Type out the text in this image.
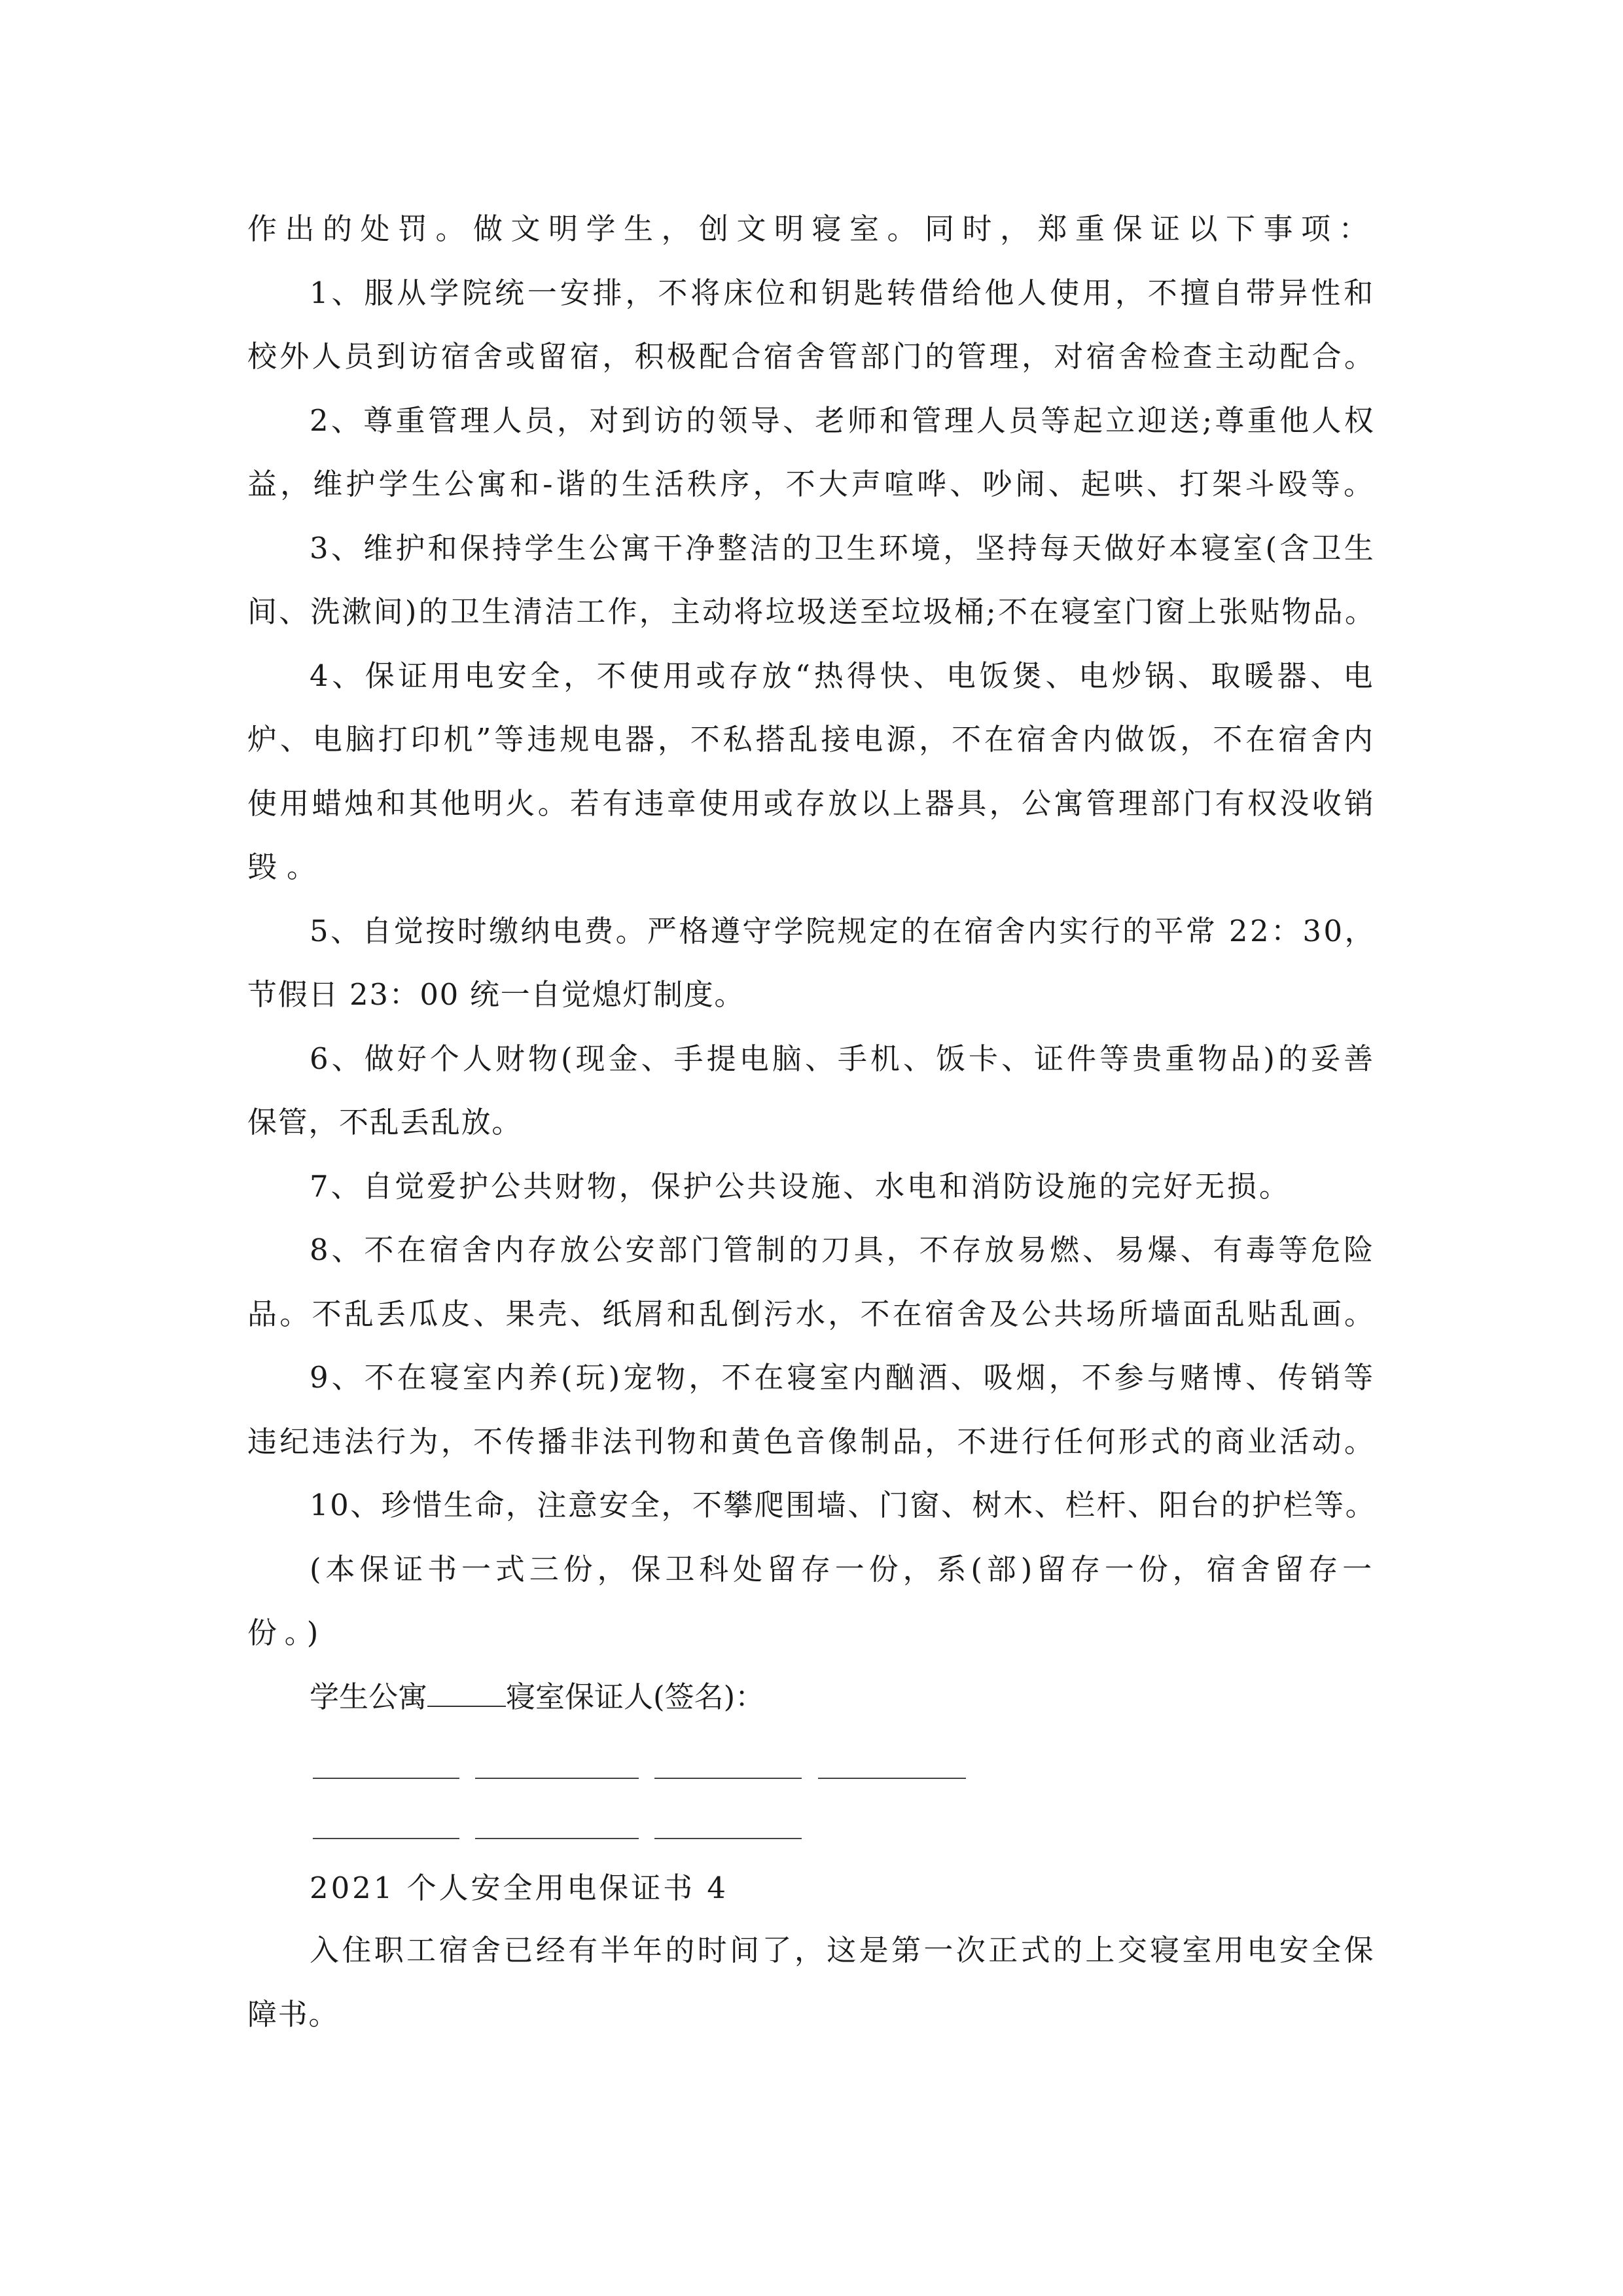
作出的处罚。做文明学生，创文明寝室。同时，郑重保证以下事项：
1、服从学院统一安排，不将床位和钥匙转借给他人使用，不擅自带异性和
校外人员到访宿舍或留宿，积极配合宿舍管部门的管理，对宿舍检查主动配合。
2、尊重管理人员，对到访的领导、老师和管理人员等起立迎送;尊重他人权
益，维护学生公寓和-谐的生活秩序，不大声喧哗、吵闹、起哄、打架斗殴等。
3、维护和保持学生公寓干净整洁的卫生环境，坚持每天做好本寝室(含卫生
间、洗漱间)的卫生清洁工作，主动将垃圾送至垃圾桶;不在寝室门窗上张贴物品。
4、保证用电安全，不使用或存放“热得快、电饭煲、电炒锅、取暖器、电
炉、电脑打印机”等违规电器，不私搭乱接电源，不在宿舍内做饭，不在宿舍内
使用蜡烛和其他明火。若有违章使用或存放以上器具，公寓管理部门有权没收销
毁。
5、自觉按时缴纳电费。严格遵守学院规定的在宿舍内实行的平常 22：30，
节假日 23：00 统一自觉熄灯制度。
6、做好个人财物(现金、手提电脑、手机、饭卡、证件等贵重物品)的妥善
保管，不乱丢乱放。
7、自觉爱护公共财物，保护公共设施、水电和消防设施的完好无损。
8、不在宿舍内存放公安部门管制的刀具，不存放易燃、易爆、有毒等危险
品。不乱丢瓜皮、果壳、纸屑和乱倒污水，不在宿舍及公共场所墙面乱贴乱画。
9、不在寝室内养(玩)宠物，不在寝室内酗酒、吸烟，不参与赌博、传销等
违纪违法行为，不传播非法刊物和黄色音像制品，不进行任何形式的商业活动。
10、珍惜生命，注意安全，不攀爬围墙、门窗、树木、栏杆、阳台的护栏等。
(本保证书一式三份，保卫科处留存一份，系(部)留存一份，宿舍留存一
份。)
学生公寓	寝室保证人(签名)：
2021 个人安全用电保证书 4
入住职工宿舍已经有半年的时间了，这是第一次正式的上交寝室用电安全保
障书。
